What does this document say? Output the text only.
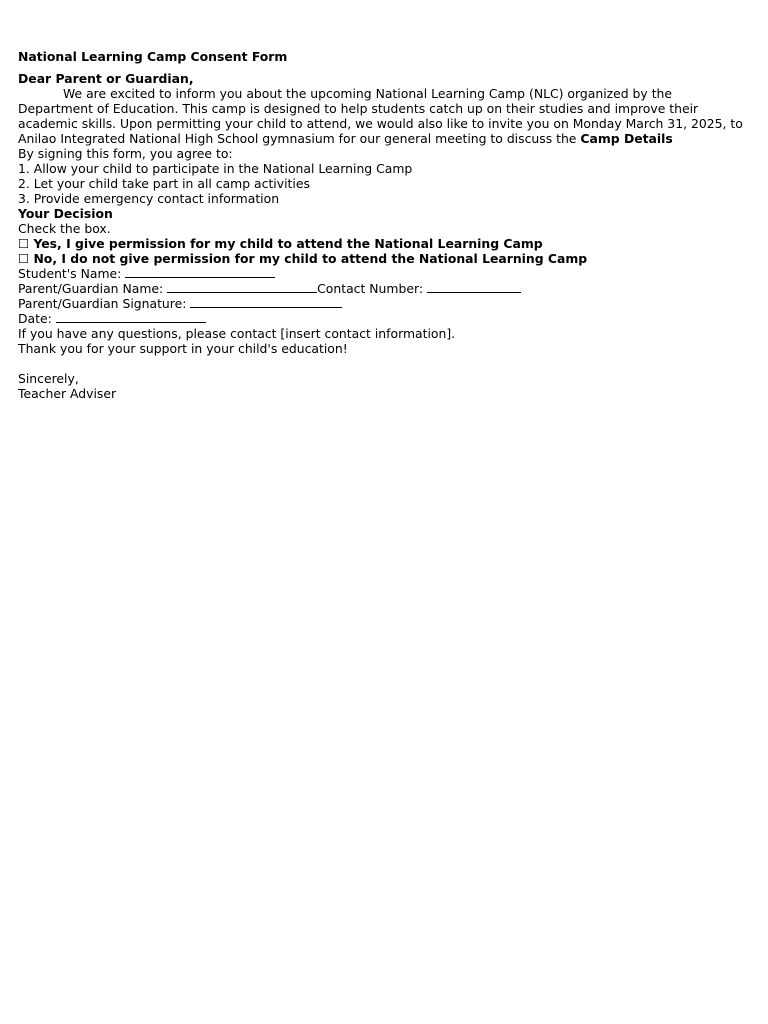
National Learning Camp Consent Form
Dear Parent or Guardian,
We are excited to inform you about the upcoming National Learning Camp (NLC) organized by the Department of Education. This camp is designed to help students catch up on their studies and improve their academic skills. Upon permitting your child to attend, we would also like to invite you on Monday March 31, 2025, to Anilao Integrated National High School gymnasium for our general meeting to discuss the Camp Details
By signing this form, you agree to:
1. Allow your child to participate in the National Learning Camp
2. Let your child take part in all camp activities
3. Provide emergency contact information
Your Decision
Check the box.
☐ Yes, I give permission for my child to attend the National Learning Camp
☐ No, I do not give permission for my child to attend the National Learning Camp
Student's Name:
Parent/Guardian Name:	Contact Number:
Parent/Guardian Signature:
Date:
If you have any questions, please contact [insert contact information].
Thank you for your support in your child's education!
Sincerely,
Teacher Adviser
